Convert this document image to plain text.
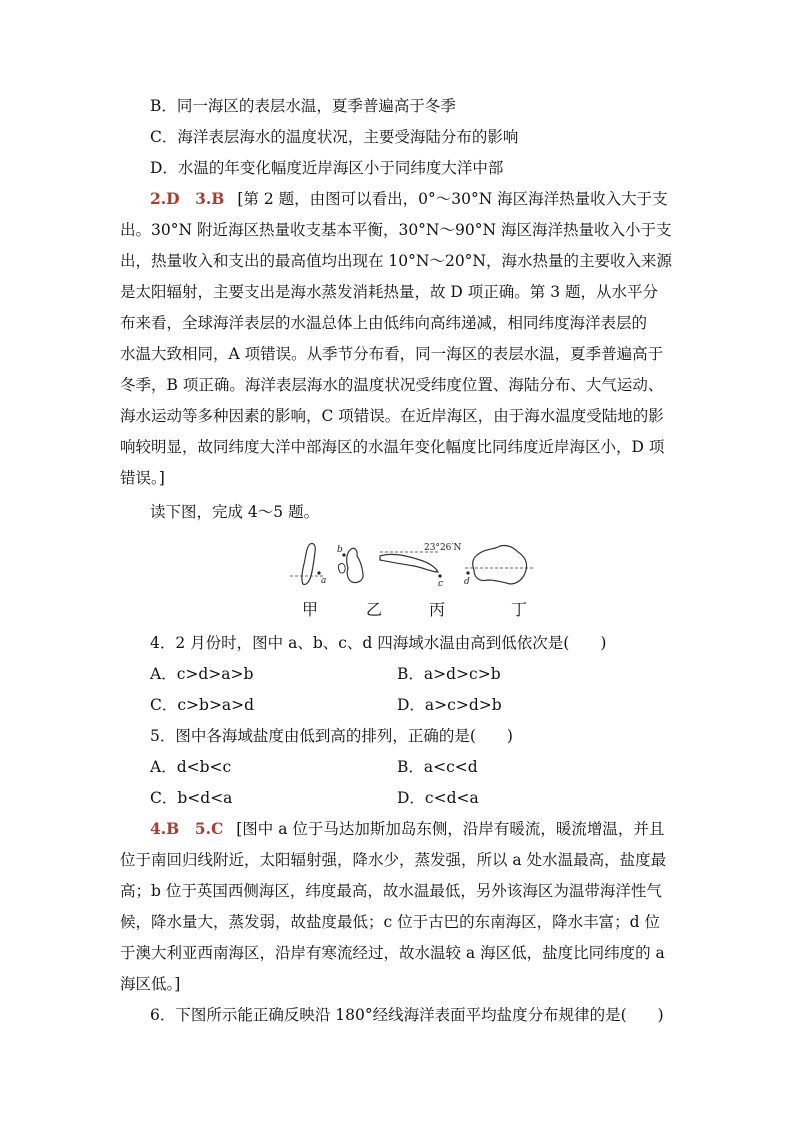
B．同一海区的表层水温，夏季普遍高于冬季
C．海洋表层海水的温度状况，主要受海陆分布的影响
D．水温的年变化幅度近岸海区小于同纬度大洋中部
2.D　3.B [第 2 题，由图可以看出，0°～30°N 海区海洋热量收入大于支
出。30°N 附近海区热量收支基本平衡，30°N～90°N 海区海洋热量收入小于支
出，热量收入和支出的最高值均出现在 10°N～20°N，海水热量的主要收入来源
是太阳辐射，主要支出是海水蒸发消耗热量，故 D 项正确。第 3 题，从水平分
布来看，全球海洋表层的水温总体上由低纬向高纬递减，相同纬度海洋表层的
水温大致相同，A 项错误。从季节分布看，同一海区的表层水温，夏季普遍高于
冬季，B 项正确。海洋表层海水的温度状况受纬度位置、海陆分布、大气运动、
海水运动等多种因素的影响，C 项错误。在近岸海区，由于海水温度受陆地的影
响较明显，故同纬度大洋中部海区的水温年变化幅度比同纬度近岸海区小，D 项
错误。]
读下图，完成 4～5 题。
a
b	23°26′N
c d
甲	乙	丙	丁
4．2 月份时，图中 a、b、c、d 四海域水温由高到低依次是(　　)
A．c>d>a>b	B．a>d>c>b
C．c>b>a>d	D．a>c>d>b
5．图中各海域盐度由低到高的排列，正确的是(　　)
A．d<b<c	B．a<c<d
C．b<d<a	D．c<d<a
4.B　5.C [图中 a 位于马达加斯加岛东侧，沿岸有暖流，暖流增温，并且
位于南回归线附近，太阳辐射强，降水少，蒸发强，所以 a 处水温最高，盐度最
高；b 位于英国西侧海区，纬度最高，故水温最低，另外该海区为温带海洋性气
候，降水量大，蒸发弱，故盐度最低；c 位于古巴的东南海区，降水丰富；d 位
于澳大利亚西南海区，沿岸有寒流经过，故水温较 a 海区低，盐度比同纬度的 a
海区低。]
6．下图所示能正确反映沿 180°经线海洋表面平均盐度分布规律的是(　　)
